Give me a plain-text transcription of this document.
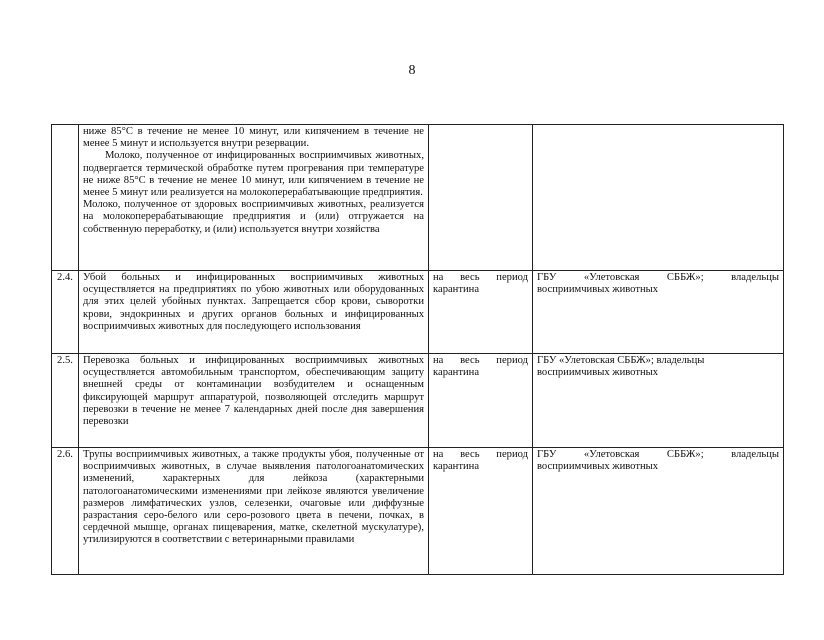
8

	ниже 85°С в течение не менее 10 минут, или кипячением в течение не менее 5 минут и используется внутри резервации.

Молоко, полученное от инфицированных восприимчивых животных, подвергается термической обработке путем прогревания при температуре не ниже 85°С в течение не менее 10 минут, или кипячением в течение не менее 5 минут или реализуется на молокоперерабатывающие предприятия.

Молоко, полученное от здоровых восприимчивых животных, реализуется на молокоперерабатывающие предприятия и (или) отгружается на собственную переработку, и (или) используется внутри хозяйства		

2.4.	Убой больных и инфицированных восприимчивых животных осуществляется на предприятиях по убою животных или оборудованных для этих целей убойных пунктах. Запрещается сбор крови, сыворотки крови, эндокринных и других органов больных и инфицированных восприимчивых животных для последующего использования	на весь период карантина	ГБУ «Улетовская СББЖ»; владельцы восприимчивых животных
2.5.	Перевозка больных и инфицированных восприимчивых животных осуществляется автомобильным транспортом, обеспечивающим защиту внешней среды от контаминации возбудителем и оснащенным фиксирующей маршрут аппаратурой, позволяющей отследить маршрут перевозки в течение не менее 7 календарных дней после дня завершения перевозки	на весь период карантина	ГБУ «Улетовская СББЖ»; владельцы восприимчивых животных
2.6.	Трупы восприимчивых животных, а также продукты убоя, полученные от восприимчивых животных, в случае выявления патологоанатомических изменений, характерных для лейкоза (характерными патологоанатомическими изменениями при лейкозе являются увеличение размеров лимфатических узлов, селезенки, очаговые или диффузные разрастания серо-белого или серо-розового цвета в печени, почках, в сердечной мышце, органах пищеварения, матке, скелетной мускулатуре), утилизируются в соответствии с ветеринарными правилами	на весь период карантина	ГБУ «Улетовская СББЖ»; владельцы восприимчивых животных
